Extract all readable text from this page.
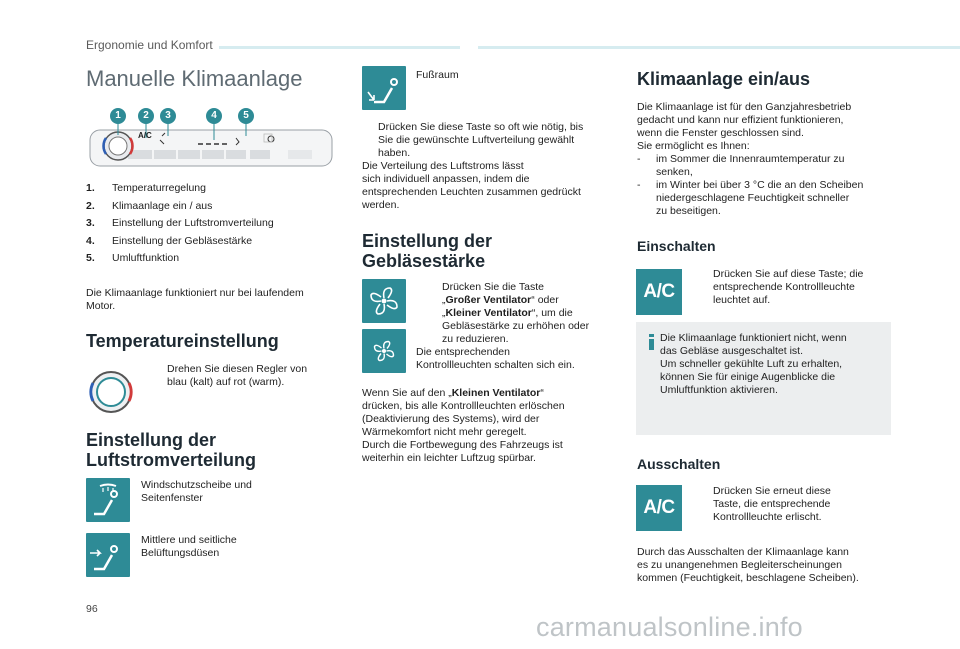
Ergonomie und Komfort
Manuelle Klimaanlage
A/C
1	2	3	4	5
1. Temperaturregelung
2. Klimaanlage ein / aus
3. Einstellung der Luftstromverteilung
4. Einstellung der Gebläsestärke
5. Umluftfunktion
Die Klimaanlage funktioniert nur bei laufendem
Motor.
Temperatureinstellung
Drehen Sie diesen Regler von
blau (kalt) auf rot (warm).
Einstellung der
Luftstromverteilung
Windschutzscheibe und
Seitenfenster
Mittlere und seitliche
Belüftungsdüsen
Fußraum
Drücken Sie diese Taste so oft wie nötig, bis
Sie die gewünschte Luftverteilung gewählt
haben.
Die Verteilung des Luftstroms lässt
sich individuell anpassen, indem die
entsprechenden Leuchten zusammen gedrückt
werden.
Einstellung der
Gebläsestärke
Drücken Sie die Taste
„Großer Ventilator“ oder
„Kleiner Ventilator“, um die
Gebläsestärke zu erhöhen oder
zu reduzieren.
Die entsprechenden
Kontrollleuchten schalten sich ein.
Wenn Sie auf den „Kleinen Ventilator“
drücken, bis alle Kontrollleuchten erlöschen
(Deaktivierung des Systems), wird der
Wärmekomfort nicht mehr geregelt.
Durch die Fortbewegung des Fahrzeugs ist
weiterhin ein leichter Luftzug spürbar.
Klimaanlage ein/aus
Die Klimaanlage ist für den Ganzjahresbetrieb
gedacht und kann nur effizient funktionieren,
wenn die Fenster geschlossen sind.
Sie ermöglicht es Ihnen:
- im Sommer die Innenraumtemperatur zu
senken,
- im Winter bei über 3 °C die an den Scheiben
niedergeschlagene Feuchtigkeit schneller
zu beseitigen.
Einschalten
A/C
Drücken Sie auf diese Taste; die
entsprechende Kontrollleuchte
leuchtet auf.
Die Klimaanlage funktioniert nicht, wenn
das Gebläse ausgeschaltet ist.
Um schneller gekühlte Luft zu erhalten,
können Sie für einige Augenblicke die
Umluftfunktion aktivieren.
Ausschalten
A/C
Drücken Sie erneut diese
Taste, die entsprechende
Kontrollleuchte erlischt.
Durch das Ausschalten der Klimaanlage kann
es zu unangenehmen Begleiterscheinungen
kommen (Feuchtigkeit, beschlagene Scheiben).
96
carmanualsonline.info
